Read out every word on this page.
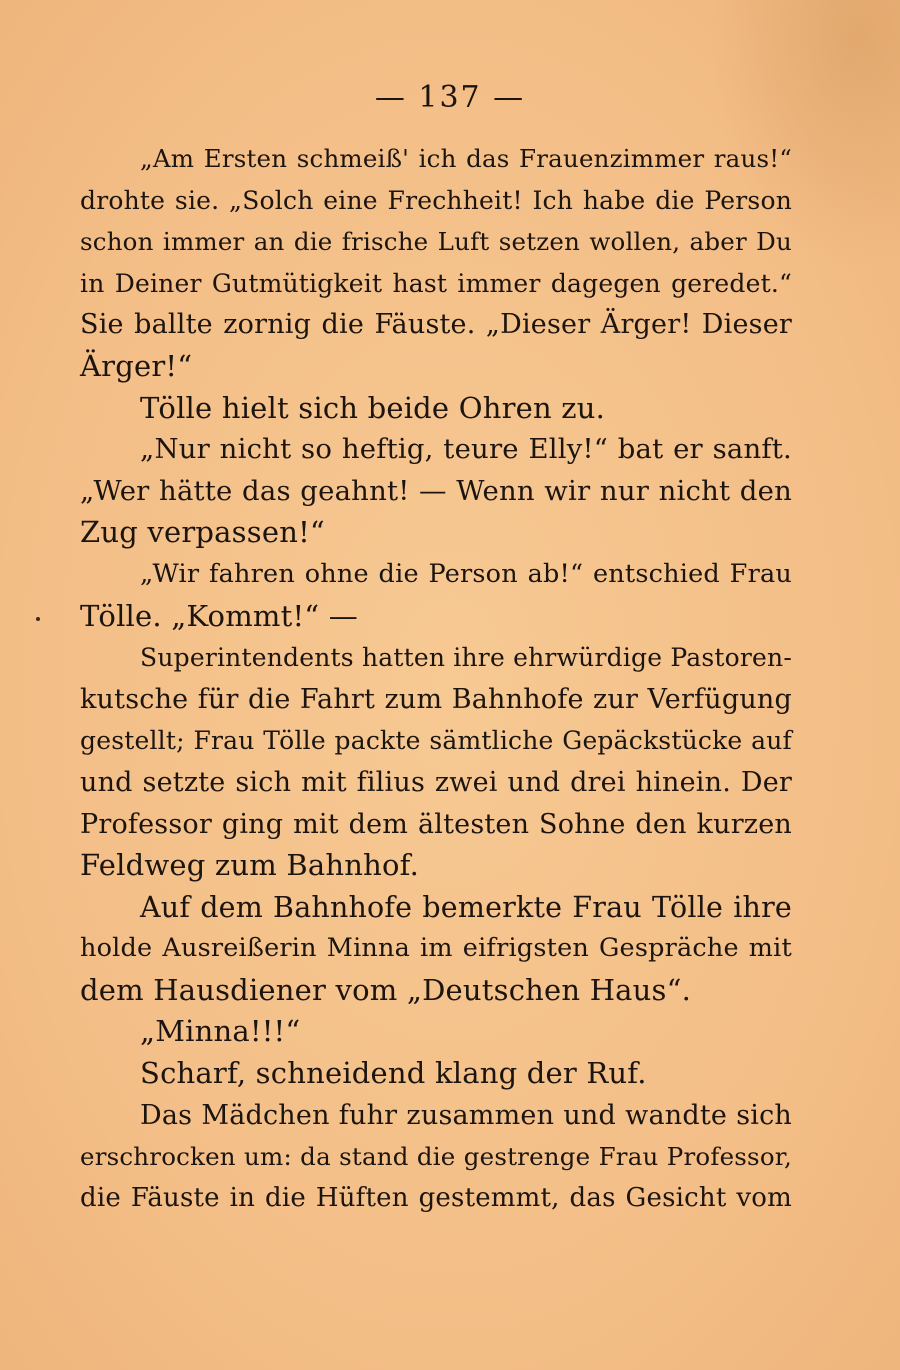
— 137 —
„Am Ersten schmeiß' ich das Frauenzimmer raus!“
drohte sie. „Solch eine Frechheit! Ich habe die Person
schon immer an die frische Luft setzen wollen, aber Du
in Deiner Gutmütigkeit hast immer dagegen geredet.“
Sie ballte zornig die Fäuste. „Dieser Ärger! Dieser
Ärger!“
Tölle hielt sich beide Ohren zu.
„Nur nicht so heftig, teure Elly!“ bat er sanft.
„Wer hätte das geahnt! — Wenn wir nur nicht den
Zug verpassen!“
„Wir fahren ohne die Person ab!“ entschied Frau
Tölle. „Kommt!“ —
Superintendents hatten ihre ehrwürdige Pastoren-
kutsche für die Fahrt zum Bahnhofe zur Verfügung
gestellt; Frau Tölle packte sämtliche Gepäckstücke auf
und setzte sich mit filius zwei und drei hinein. Der
Professor ging mit dem ältesten Sohne den kurzen
Feldweg zum Bahnhof.
Auf dem Bahnhofe bemerkte Frau Tölle ihre
holde Ausreißerin Minna im eifrigsten Gespräche mit
dem Hausdiener vom „Deutschen Haus“.
„Minna!!!“
Scharf, schneidend klang der Ruf.
Das Mädchen fuhr zusammen und wandte sich
erschrocken um: da stand die gestrenge Frau Professor,
die Fäuste in die Hüften gestemmt, das Gesicht vom
